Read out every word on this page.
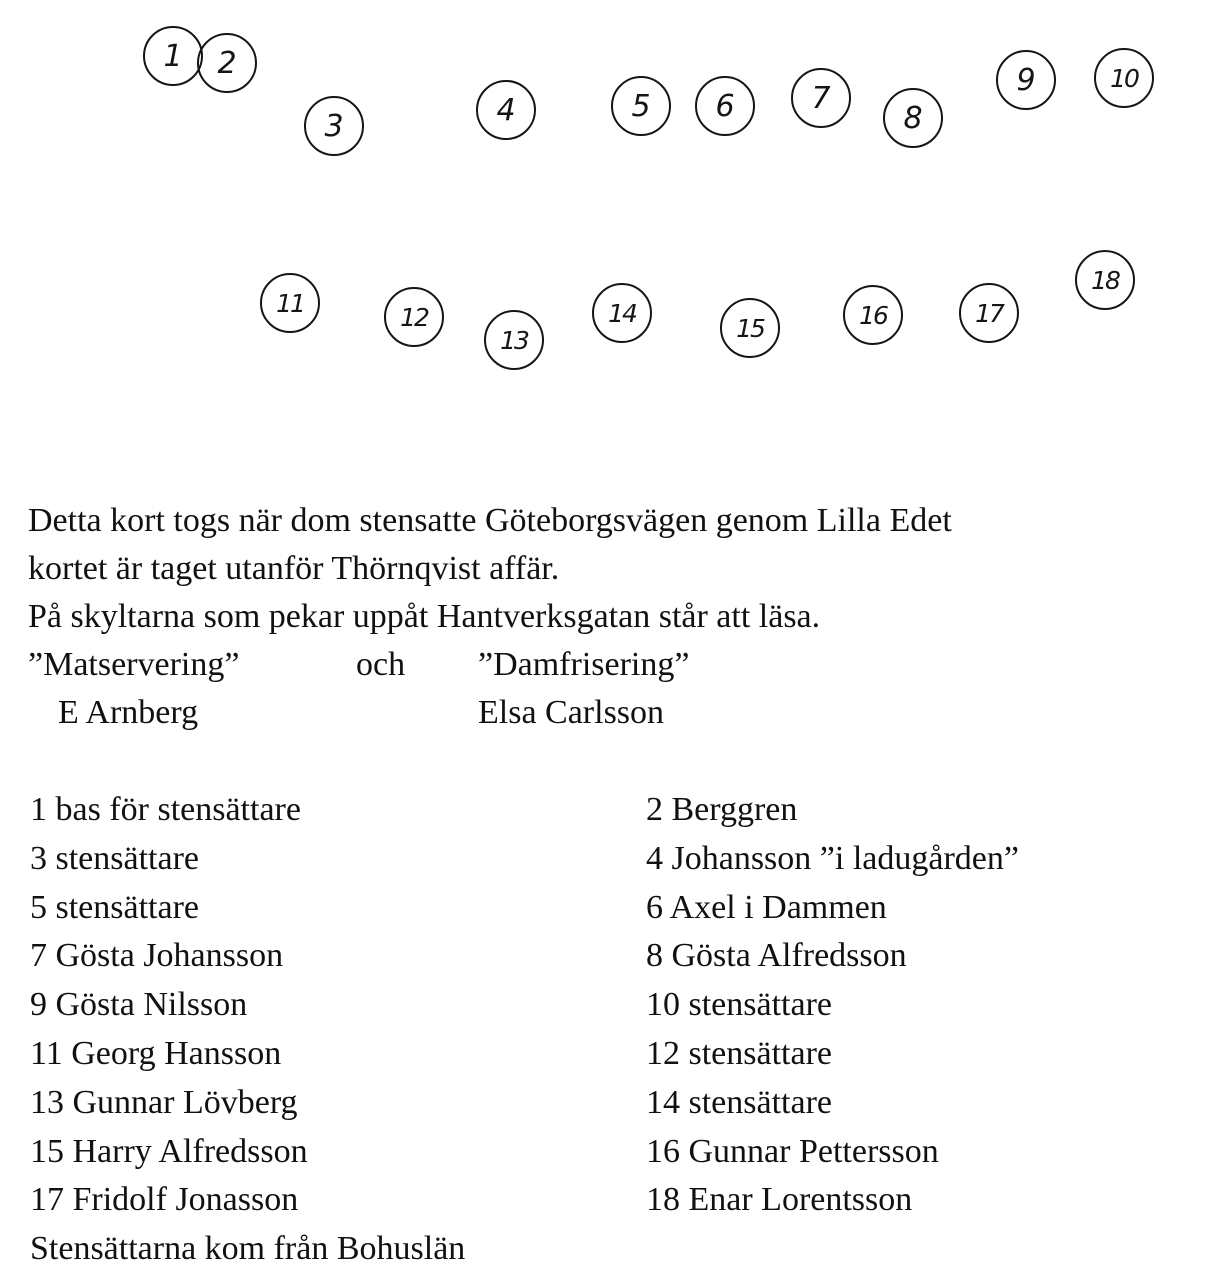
1	2
3	4	5	6	7
8
9	10
11	12
13
14
15	16	17
18
Detta kort togs när dom stensatte Göteborgsvägen genom Lilla Edet
kortet är taget utanför Thörnqvist affär.
På skyltarna som pekar uppåt Hantverksgatan står att läsa.
”Matservering”	och ”Damfrisering”
E Arnberg	Elsa Carlsson
1 bas för stensättare	2 Berggren
3 stensättare	4 Johansson ”i ladugården”
5 stensättare	6 Axel i Dammen
7 Gösta Johansson	8 Gösta Alfredsson
9 Gösta Nilsson	10 stensättare
11 Georg Hansson	12 stensättare
13 Gunnar Lövberg	14 stensättare
15 Harry Alfredsson	16 Gunnar Pettersson
17 Fridolf Jonasson	18 Enar Lorentsson
Stensättarna kom från Bohuslän
